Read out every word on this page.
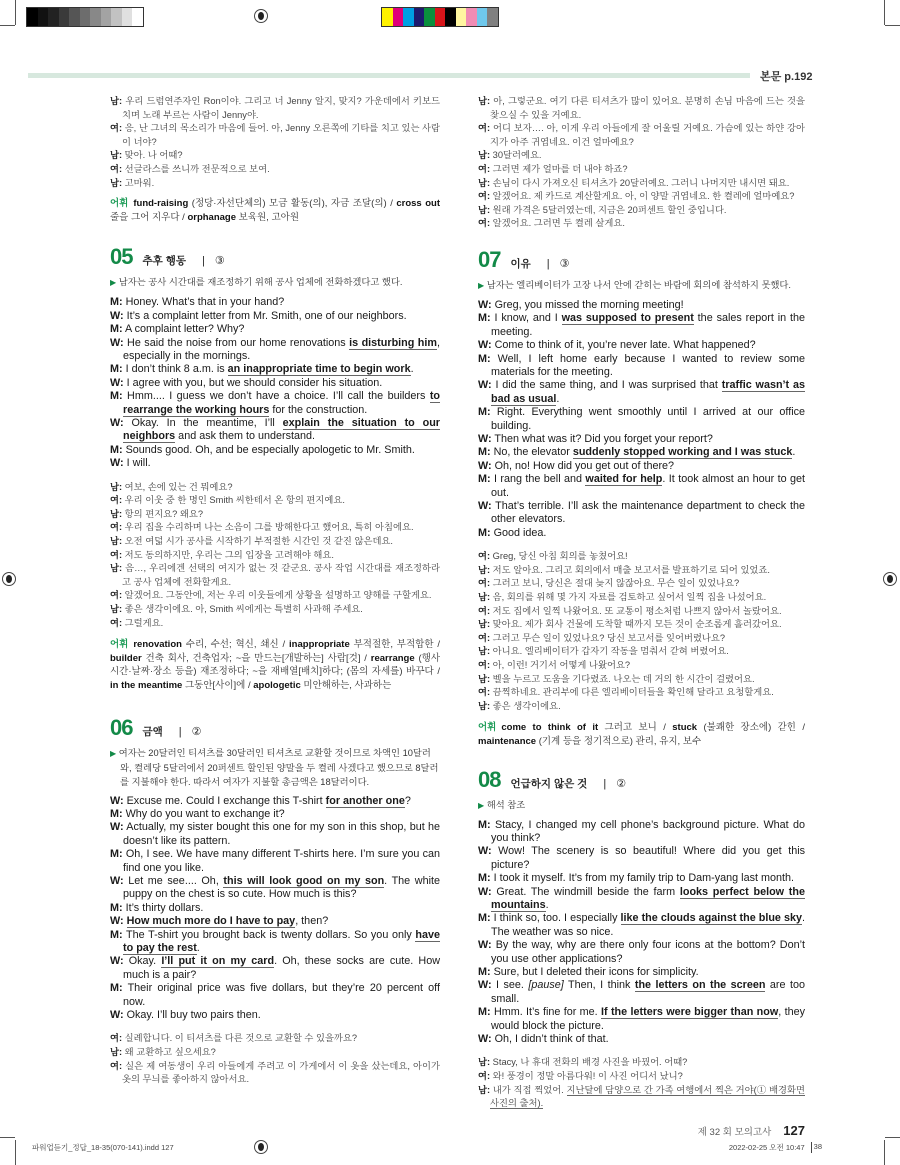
본문 p.192
남: 우리 드럼연주자인 Ron이야. 그리고 너 Jenny 알지, 맞지? 가운데에서 키보드 치며 노래 부르는 사람이 Jenny야.
여: 응, 난 그녀의 목소리가 마음에 들어. 아, Jenny 오른쪽에 기타를 치고 있는 사람이 너야?
남: 맞아. 나 어때?
여: 선글라스를 쓰니까 전문적으로 보여.
남: 고마워.
어휘 fund-raising (정당·자선단체의) 모금 활동(의), 자금 조달(의) / cross out 줄을 그어 지우다 / orphanage 보육원, 고아원
05 추후 행동 | ③
▶ 남자는 공사 시간대를 재조정하기 위해 공사 업체에 전화하겠다고 했다.
M: Honey. What’s that in your hand?
W: It’s a complaint letter from Mr. Smith, one of our neighbors.
M: A complaint letter? Why?
W: He said the noise from our home renovations is disturbing him, especially in the mornings.
M: I don’t think 8 a.m. is an inappropriate time to begin work.
W: I agree with you, but we should consider his situation.
M: Hmm.... I guess we don’t have a choice. I’ll call the builders to rearrange the working hours for the construction.
W: Okay. In the meantime, I’ll explain the situation to our neighbors and ask them to understand.
M: Sounds good. Oh, and be especially apologetic to Mr. Smith.
W: I will.
남: 여보, 손에 있는 건 뭐예요?
여: 우리 이웃 중 한 명인 Smith 씨한테서 온 항의 편지예요.
남: 항의 편지요? 왜요?
여: 우리 집을 수리하며 나는 소음이 그를 방해한다고 했어요, 특히 아침에요.
남: 오전 여덟 시가 공사를 시작하기 부적절한 시간인 것 같진 않은데요.
여: 저도 동의하지만, 우리는 그의 입장을 고려해야 해요.
남: 음…, 우리에겐 선택의 여지가 없는 것 같군요. 공사 작업 시간대를 재조정하라고 공사 업체에 전화할게요.
여: 알겠어요. 그동안에, 저는 우리 이웃들에게 상황을 설명하고 양해를 구할게요.
남: 좋은 생각이에요. 아, Smith 씨에게는 특별히 사과해 주세요.
여: 그럴게요.
어휘 renovation 수리, 수선; 혁신, 쇄신 / inappropriate 부적절한, 부적합한/ builder 건축 회사, 건축업자; ~을 만드는[개발하는] 사람[것] / rearrange (행사 시간·날짜·장소 등을) 재조정하다; ~을 재배열[배치]하다; (몸의 자세를) 바꾸다/ in the meantime 그동안[사이]에 / apologetic 미안해하는, 사과하는
06 금액 | ②
▶ 여자는 20달러인 티셔츠를 30달러인 티셔츠로 교환할 것이므로 차액인 10달러와, 켤레당 5달러에서 20퍼센트 할인된 양말을 두 켤레 사겠다고 했으므로 8달러를 지불해야 한다. 따라서 여자가 지불할 총금액은 18달러이다.
W: Excuse me. Could I exchange this T-shirt for another one?
M: Why do you want to exchange it?
W: Actually, my sister bought this one for my son in this shop, but he doesn’t like its pattern.
M: Oh, I see. We have many different T-shirts here. I’m sure you can find one you like.
W: Let me see.... Oh, this will look good on my son. The white puppy on the chest is so cute. How much is this?
M: It’s thirty dollars.
W: How much more do I have to pay, then?
M: The T-shirt you brought back is twenty dollars. So you only have to pay the rest.
W: Okay. I’ll put it on my card. Oh, these socks are cute. How much is a pair?
M: Their original price was five dollars, but they’re 20 percent off now.
W: Okay. I’ll buy two pairs then.
여: 실례합니다. 이 티셔츠를 다른 것으로 교환할 수 있을까요?
남: 왜 교환하고 싶으세요?
여: 실은 제 여동생이 우리 아들에게 주려고 이 가게에서 이 옷을 샀는데요, 아이가 옷의 무늬를 좋아하지 않아서요.
남: 아, 그렇군요. 여기 다른 티셔츠가 많이 있어요. 분명히 손님 마음에 드는 것을 찾으실 수 있을 거예요.
여: 어디 보자…. 아, 이게 우리 아들에게 잘 어울릴 거예요. 가슴에 있는 하얀 강아지가 아주 귀엽네요. 이건 얼마예요?
남: 30달러예요.
여: 그러면 제가 얼마를 더 내야 하죠?
남: 손님이 다시 가져오신 티셔츠가 20달러예요. 그러니 나머지만 내시면 돼요.
여: 알겠어요. 제 카드로 계산할게요. 아, 이 양말 귀엽네요. 한 켤레에 얼마예요?
남: 원래 가격은 5달러였는데, 지금은 20퍼센트 할인 중입니다.
여: 알겠어요. 그러면 두 켤레 살게요.
07 이유 | ③
▶ 남자는 엘리베이터가 고장 나서 안에 갇히는 바람에 회의에 참석하지 못했다.
W: Greg, you missed the morning meeting!
M: I know, and I was supposed to present the sales report in the meeting.
W: Come to think of it, you’re never late. What happened?
M: Well, I left home early because I wanted to review some materials for the meeting.
W: I did the same thing, and I was surprised that traffic wasn’t as bad as usual.
M: Right. Everything went smoothly until I arrived at our office building.
W: Then what was it? Did you forget your report?
M: No, the elevator suddenly stopped working and I was stuck.
W: Oh, no! How did you get out of there?
M: I rang the bell and waited for help. It took almost an hour to get out.
W: That’s terrible. I’ll ask the maintenance department to check the other elevators.
M: Good idea.
여: Greg, 당신 아침 회의를 놓쳤어요!
남: 저도 알아요. 그리고 회의에서 매출 보고서를 발표하기로 되어 있었죠.
여: 그러고 보니, 당신은 절대 늦지 않잖아요. 무슨 일이 있었나요?
남: 음, 회의를 위해 몇 가지 자료를 검토하고 싶어서 일찍 집을 나섰어요.
여: 저도 집에서 일찍 나왔어요. 또 교통이 평소처럼 나쁘지 않아서 놀랐어요.
남: 맞아요. 제가 회사 건물에 도착할 때까지 모든 것이 순조롭게 흘러갔어요.
여: 그러고 무슨 일이 있었나요? 당신 보고서를 잊어버렸나요?
남: 아니요. 엘리베이터가 갑자기 작동을 멈춰서 갇혀 버렸어요.
여: 아, 이런! 거기서 어떻게 나왔어요?
남: 벨을 누르고 도움을 기다렸죠. 나오는 데 거의 한 시간이 걸렸어요.
여: 끔찍하네요. 관리부에 다른 엘리베이터들을 확인해 달라고 요청할게요.
남: 좋은 생각이에요.
어휘 come to think of it 그러고 보니 / stuck (불쾌한 장소에) 갇힌/ maintenance (기계 등을 정기적으로) 관리, 유지, 보수
08 언급하지 않은 것 | ②
▶ 해석 참조
M: Stacy, I changed my cell phone’s background picture. What do you think?
W: Wow! The scenery is so beautiful! Where did you get this picture?
M: I took it myself. It’s from my family trip to Dam-yang last month.
W: Great. The windmill beside the farm looks perfect below the mountains.
M: I think so, too. I especially like the clouds against the blue sky. The weather was so nice.
W: By the way, why are there only four icons at the bottom? Don’t you use other applications?
M: Sure, but I deleted their icons for simplicity.
W: I see. [pause] Then, I think the letters on the screen are too small.
M: Hmm. It’s fine for me. If the letters were bigger than now, they would block the picture.
W: Oh, I didn’t think of that.
남: Stacy, 나 휴대 전화의 배경 사진을 바꿨어. 어때?
여: 와! 풍경이 정말 아름다워! 이 사진 어디서 났니?
남: 내가 직접 찍었어. 지난달에 담양으로 간 가족 여행에서 찍은 거야(① 배경화면 사진의 출처).
제 32 회 모의고사 127
파워업듣기_정답_18-35(070-141).indd 127	2022-02-25 오전 10:47	38
